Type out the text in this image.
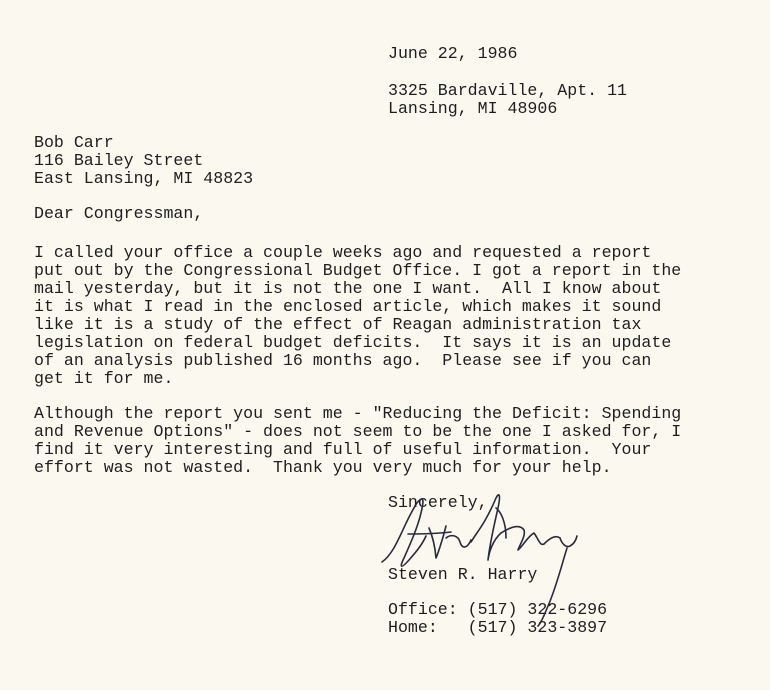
June 22, 1986
3325 Bardaville, Apt. 11
Lansing, MI 48906
Bob Carr
116 Bailey Street
East Lansing, MI 48823
Dear Congressman,
I called your office a couple weeks ago and requested a report
put out by the Congressional Budget Office. I got a report in the
mail yesterday, but it is not the one I want.  All I know about
it is what I read in the enclosed article, which makes it sound
like it is a study of the effect of Reagan administration tax
legislation on federal budget deficits.  It says it is an update
of an analysis published 16 months ago.  Please see if you can
get it for me.
Although the report you sent me - "Reducing the Deficit: Spending
and Revenue Options" - does not seem to be the one I asked for, I
find it very interesting and full of useful information.  Your
effort was not wasted.  Thank you very much for your help.
Sincerely,
Steven R. Harry
Office: (517) 322-6296
Home:   (517) 323-3897
